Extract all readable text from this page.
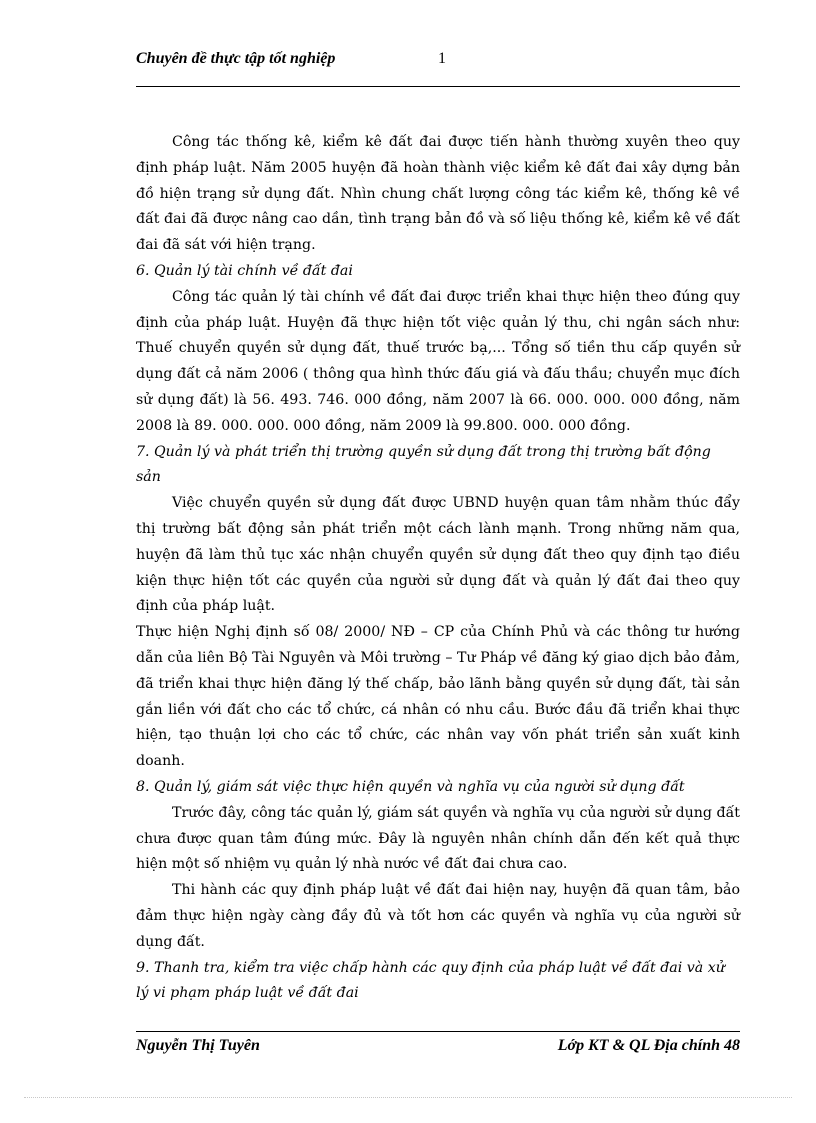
Chuyên đề thực tập tốt nghiệp	1

Công tác thống kê, kiểm kê đất đai được tiến hành thường xuyên theo quy định pháp luật. Năm 2005 huyện đã hoàn thành việc kiểm kê đất đai xây dựng bản đồ hiện trạng sử dụng đất. Nhìn chung chất lượng công tác kiểm kê, thống kê về đất đai đã được nâng cao dần, tình trạng bản đồ và số liệu thống kê, kiểm kê về đất đai đã sát với hiện trạng.

6. Quản lý tài chính về đất đai

Công tác quản lý tài chính về đất đai được triển khai thực hiện theo đúng quy định của pháp luật. Huyện đã thực hiện tốt việc quản lý thu, chi ngân sách như: Thuế chuyển quyền sử dụng đất, thuế trước bạ,... Tổng số tiền thu cấp quyền sử dụng đất cả năm 2006 ( thông qua hình thức đấu giá và đấu thầu; chuyển mục đích sử dụng đất) là 56. 493. 746. 000 đồng, năm 2007 là 66. 000. 000. 000 đồng, năm 2008 là 89. 000. 000. 000 đồng, năm 2009 là 99.800. 000. 000 đồng.

7. Quản lý và phát triển thị trường quyền sử dụng đất trong thị trường bất động sản

Việc chuyển quyền sử dụng đất được UBND huyện quan tâm nhằm thúc đẩy thị trường bất động sản phát triển một cách lành mạnh. Trong những năm qua, huyện đã làm thủ tục xác nhận chuyển quyền sử dụng đất theo quy định tạo điều kiện thực hiện tốt các quyền của người sử dụng đất và quản lý đất đai theo quy định của pháp luật.

Thực hiện Nghị định số 08/ 2000/ NĐ – CP của Chính Phủ và các thông tư hướng dẫn của liên Bộ Tài Nguyên và Môi trường – Tư Pháp về đăng ký giao dịch bảo đảm, đã triển khai thực hiện đăng lý thế chấp, bảo lãnh bằng quyền sử dụng đất, tài sản gắn liền với đất cho các tổ chức, cá nhân có nhu cầu. Bước đầu đã triển khai thực hiện, tạo thuận lợi cho các tổ chức, các nhân vay vốn phát triển sản xuất kinh doanh.

8. Quản lý, giám sát việc thực hiện quyền và nghĩa vụ của người sử dụng đất

Trước đây, công tác quản lý, giám sát quyền và nghĩa vụ của người sử dụng đất chưa được quan tâm đúng mức. Đây là nguyên nhân chính dẫn đến kết quả thực hiện một số nhiệm vụ quản lý nhà nước về đất đai chưa cao.

Thi hành các quy định pháp luật về đất đai hiện nay, huyện đã quan tâm, bảo đảm thực hiện ngày càng đầy đủ và tốt hơn các quyền và nghĩa vụ của người sử dụng đất.

9. Thanh tra, kiểm tra việc chấp hành các quy định của pháp luật về đất đai và xử lý vi phạm pháp luật về đất đai

Nguyễn Thị Tuyên	Lớp KT & QL Địa chính 48
